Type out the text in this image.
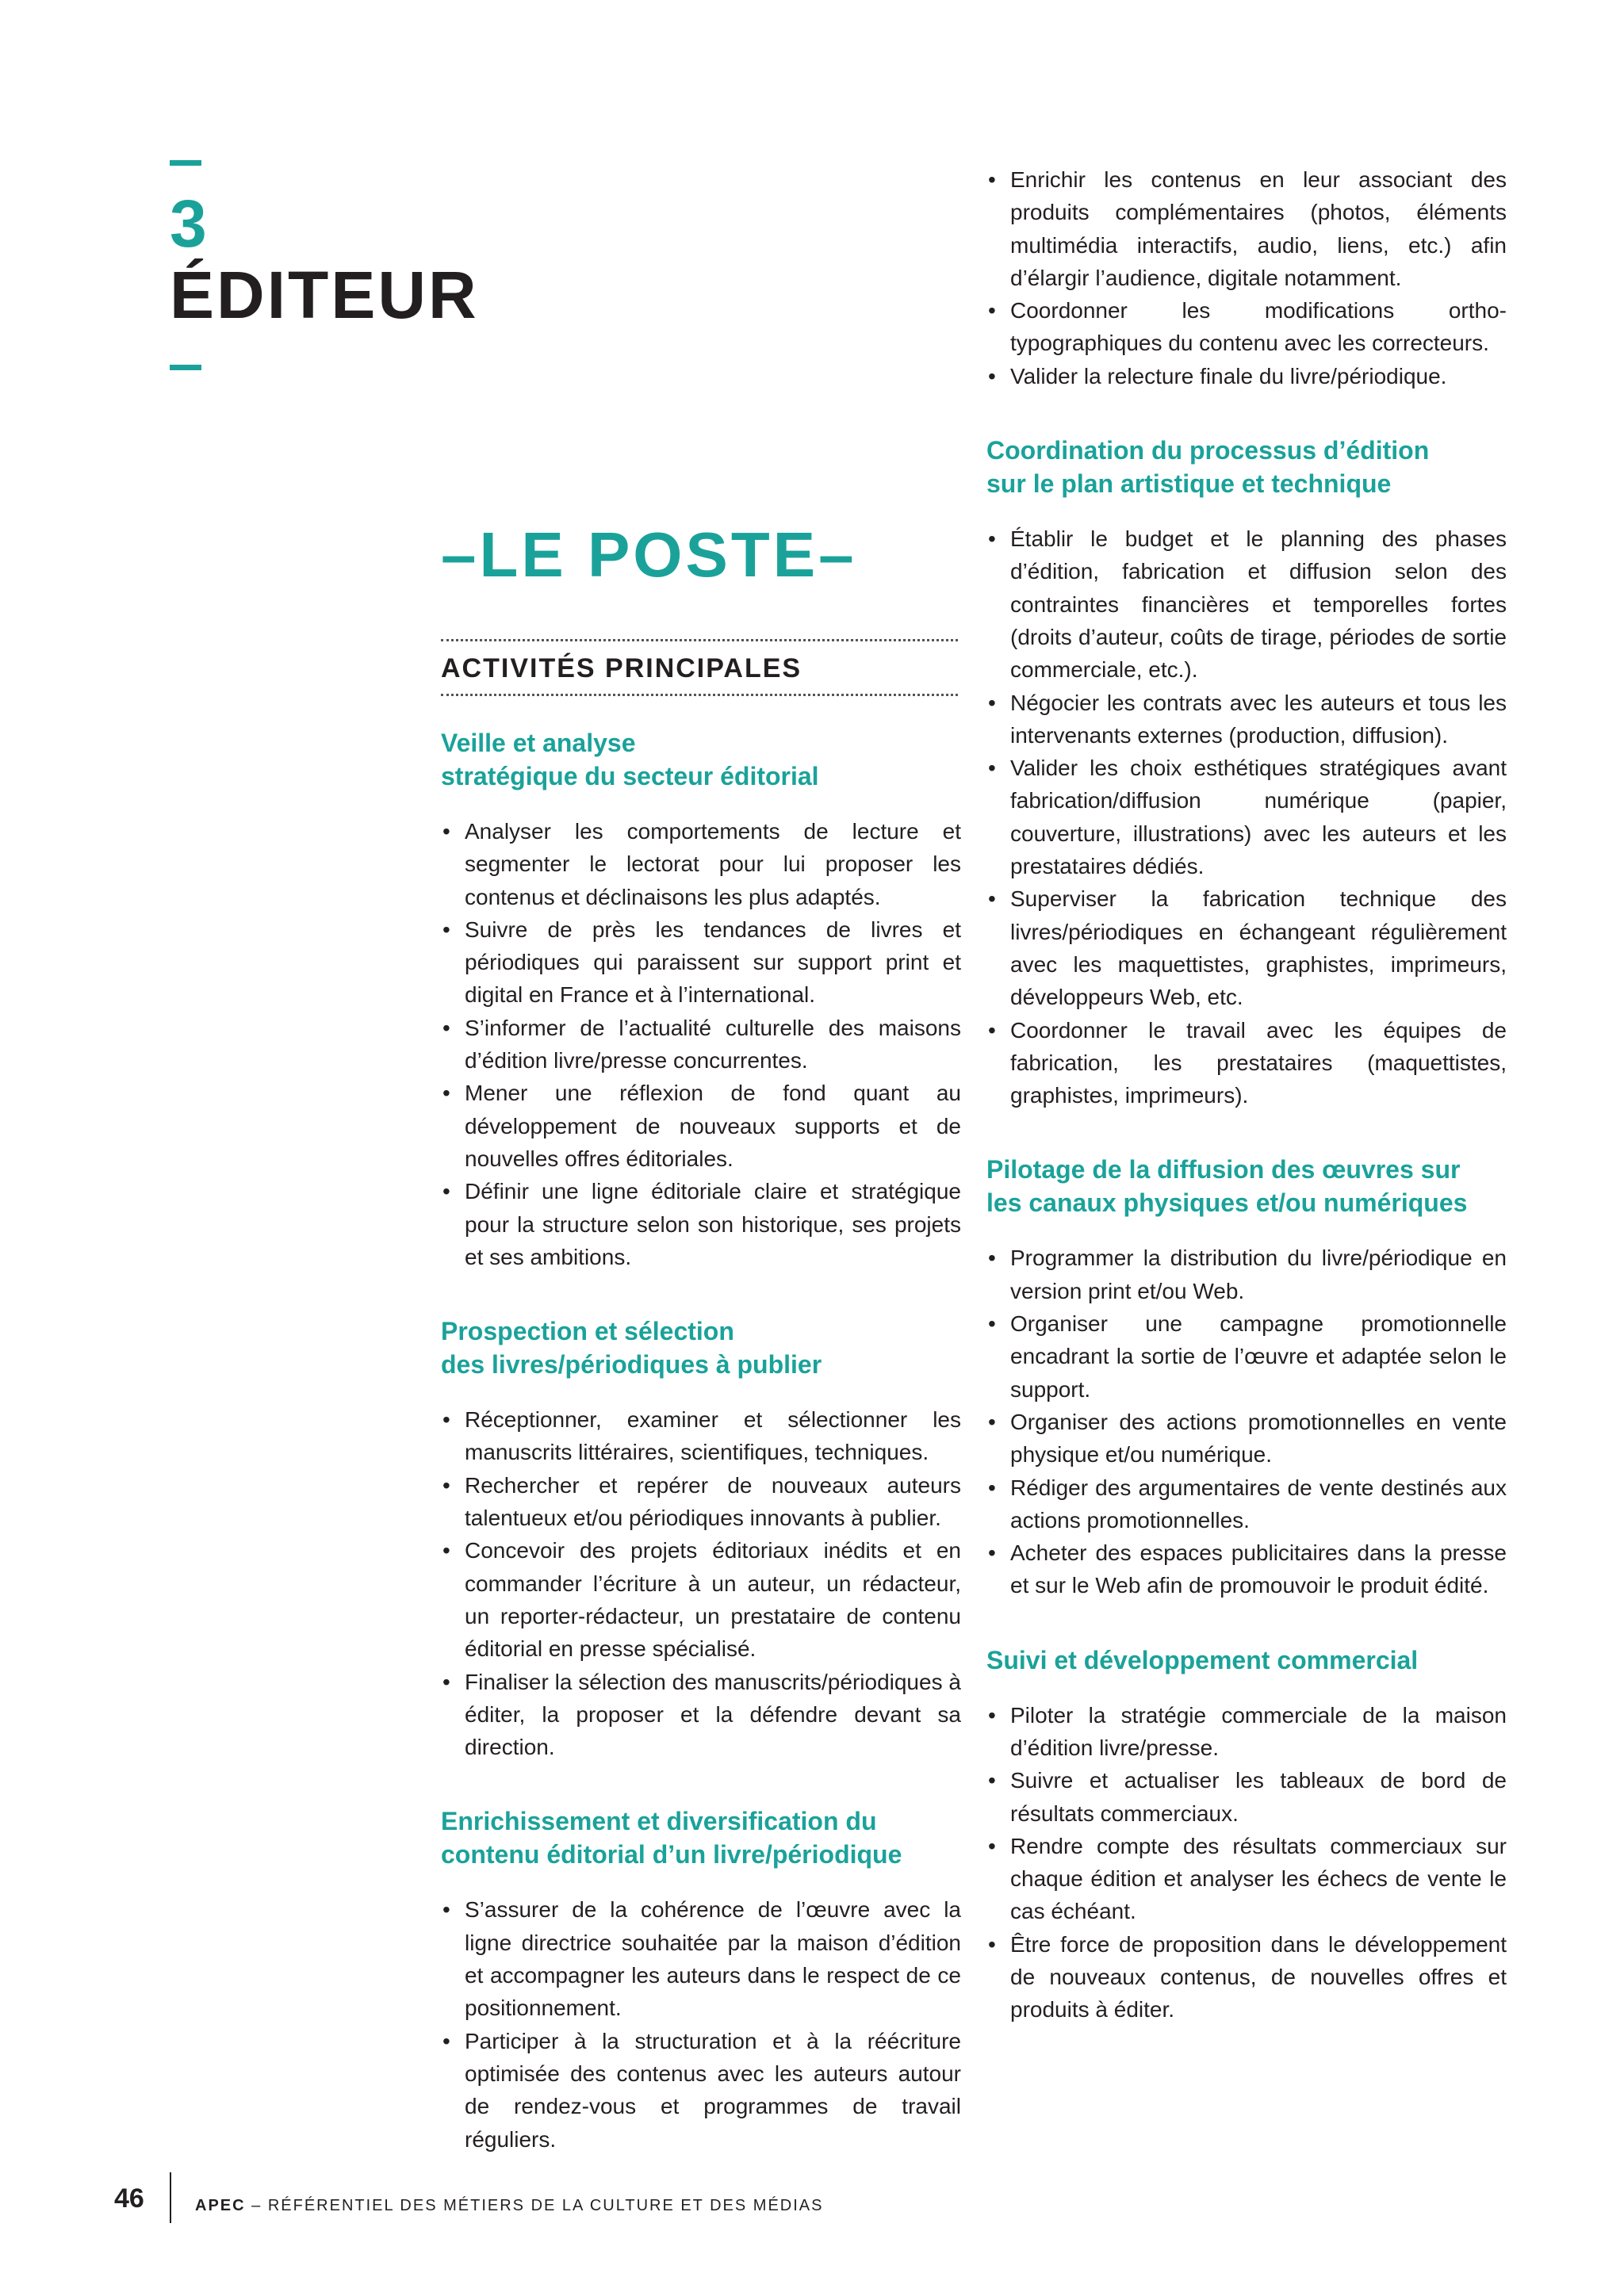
3
ÉDITEUR
–LE POSTE–
ACTIVITÉS PRINCIPALES
Veille et analyse
stratégique du secteur éditorial
• Analyser les comportements de lecture et segmenter le lectorat pour lui proposer les contenus et déclinaisons les plus adaptés.
• Suivre de près les tendances de livres et périodiques qui paraissent sur support print et digital en France et à l’international.
• S’informer de l’actualité culturelle des maisons d’édition livre/presse concurrentes.
• Mener une réflexion de fond quant au développement de nouveaux supports et de nouvelles offres éditoriales.
• Définir une ligne éditoriale claire et stratégique pour la structure selon son historique, ses projets et ses ambitions.
Prospection et sélection
des livres/périodiques à publier
• Réceptionner, examiner et sélectionner les manuscrits littéraires, scientifiques, techniques.
• Rechercher et repérer de nouveaux auteurs talentueux et/ou périodiques innovants à publier.
• Concevoir des projets éditoriaux inédits et en commander l’écriture à un auteur, un rédacteur, un reporter-rédacteur, un prestataire de contenu éditorial en presse spécialisé.
• Finaliser la sélection des manuscrits/périodiques à éditer, la proposer et la défendre devant sa direction.
Enrichissement et diversification du
contenu éditorial d’un livre/périodique
• S’assurer de la cohérence de l’œuvre avec la ligne directrice souhaitée par la maison d’édition et accompagner les auteurs dans le respect de ce positionnement.
• Participer à la structuration et à la réécriture optimisée des contenus avec les auteurs autour de rendez-vous et programmes de travail réguliers.
• Enrichir les contenus en leur associant des produits complémentaires (photos, éléments multimédia interactifs, audio, liens, etc.) afin d’élargir l’audience, digitale notamment.
• Coordonner les modifications ortho-typographiques du contenu avec les correcteurs.
• Valider la relecture finale du livre/périodique.
Coordination du processus d’édition
sur le plan artistique et technique
• Établir le budget et le planning des phases d’édition, fabrication et diffusion selon des contraintes financières et temporelles fortes (droits d’auteur, coûts de tirage, périodes de sortie commerciale, etc.).
• Négocier les contrats avec les auteurs et tous les intervenants externes (production, diffusion).
• Valider les choix esthétiques stratégiques avant fabrication/diffusion numérique (papier, couverture, illustrations) avec les auteurs et les prestataires dédiés.
• Superviser la fabrication technique des livres/périodiques en échangeant régulièrement avec les maquettistes, graphistes, imprimeurs, développeurs Web, etc.
• Coordonner le travail avec les équipes de fabrication, les prestataires (maquettistes, graphistes, imprimeurs).
Pilotage de la diffusion des œuvres sur
les canaux physiques et/ou numériques
• Programmer la distribution du livre/périodique en version print et/ou Web.
• Organiser une campagne promotionnelle encadrant la sortie de l’œuvre et adaptée selon le support.
• Organiser des actions promotionnelles en vente physique et/ou numérique.
• Rédiger des argumentaires de vente destinés aux actions promotionnelles.
• Acheter des espaces publicitaires dans la presse et sur le Web afin de promouvoir le produit édité.
Suivi et développement commercial
• Piloter la stratégie commerciale de la maison d’édition livre/presse.
• Suivre et actualiser les tableaux de bord de résultats commerciaux.
• Rendre compte des résultats commerciaux sur chaque édition et analyser les échecs de vente le cas échéant.
• Être force de proposition dans le développement de nouveaux contenus, de nouvelles offres et produits à éditer.
46	APEC – RÉFÉRENTIEL DES MÉTIERS DE LA CULTURE ET DES MÉDIAS
